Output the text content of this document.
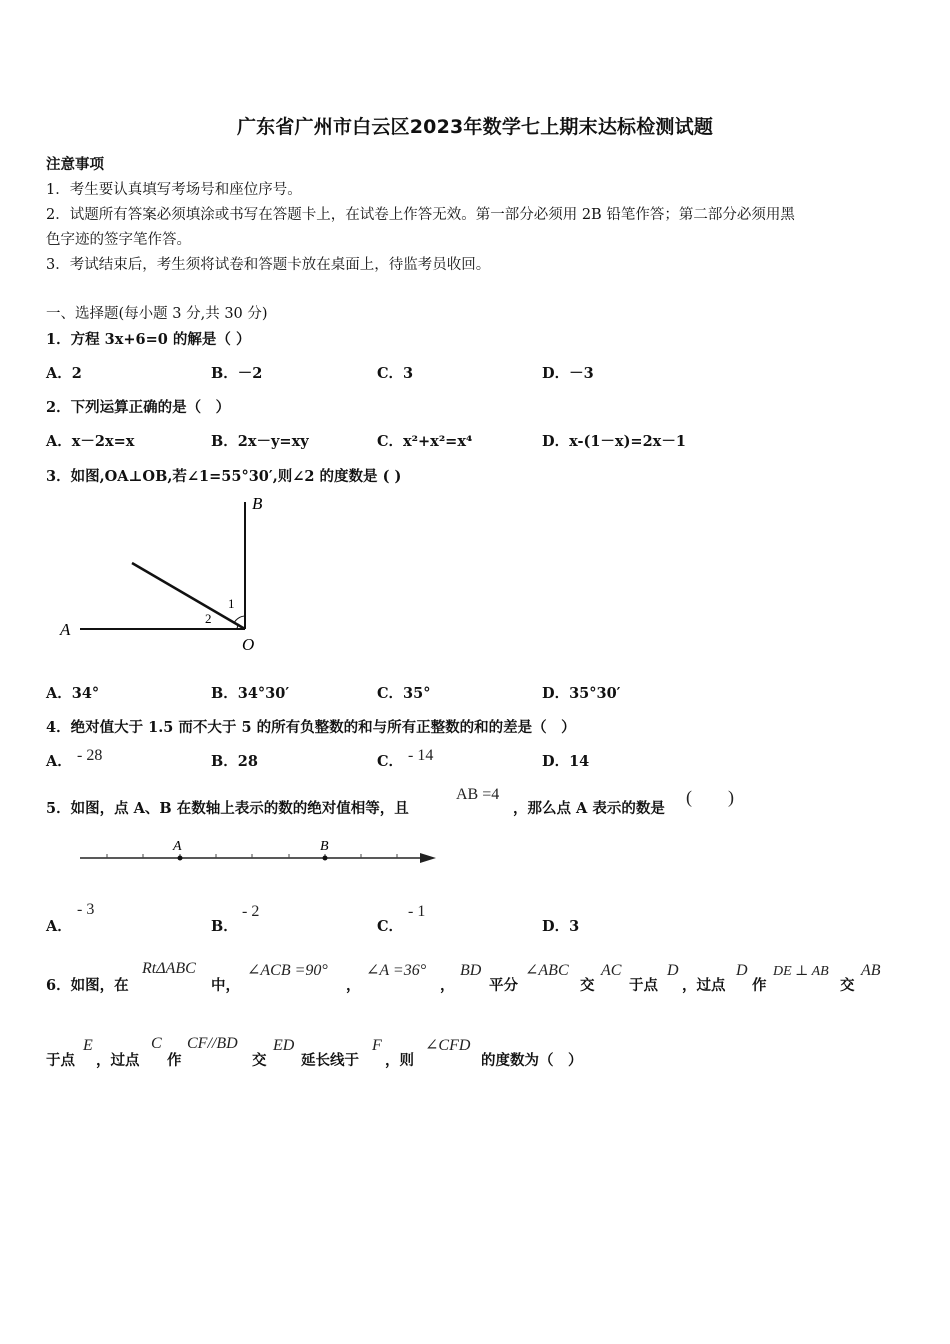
广东省广州市白云区2023年数学七上期末达标检测试题
注意事项
1．考生要认真填写考场号和座位序号。
2．试题所有答案必须填涂或书写在答题卡上，在试卷上作答无效。第一部分必须用 2B 铅笔作答；第二部分必须用黑
色字迹的签字笔作答。
3．考试结束后，考生须将试卷和答题卡放在桌面上，待监考员收回。
一、选择题(每小题 3 分,共 30 分)
1．方程 3x+6=0 的解是（ ）
A．2	B．－2	C．3	D．－3
2．下列运算正确的是（　）
A．x－2x=x	B．2x－y=xy	C．x²+x²=x⁴	D．x-(1－x)=2x－1
3．如图,OA⊥OB,若∠1=55°30′,则∠2 的度数是 ( )
B
A
O
1
2
A．34°	B．34°30′	C．35°	D．35°30′
4．绝对值大于 1.5 而不大于 5 的所有负整数的和与所有正整数的和的差是（　）
A． - 28	B．28	C． - 14	D．14
5．如图，点 A、B 在数轴上表示的数的绝对值相等，且
AB =4
，那么点 A 表示的数是
(　　)
A	B
A．
- 3
B．
- 2
C．
- 1
D．3
6．如图，在
RtΔABC
中，
∠ACB =90°
，
∠A =36°
，
BD
平分
∠ABC
交
AC
于点
D
，过点
D
作
DE ⊥ AB
交
AB
于点
E
，过点
C
作
CF//BD
交
ED
延长线于
F
，则
∠CFD
的度数为（　）
